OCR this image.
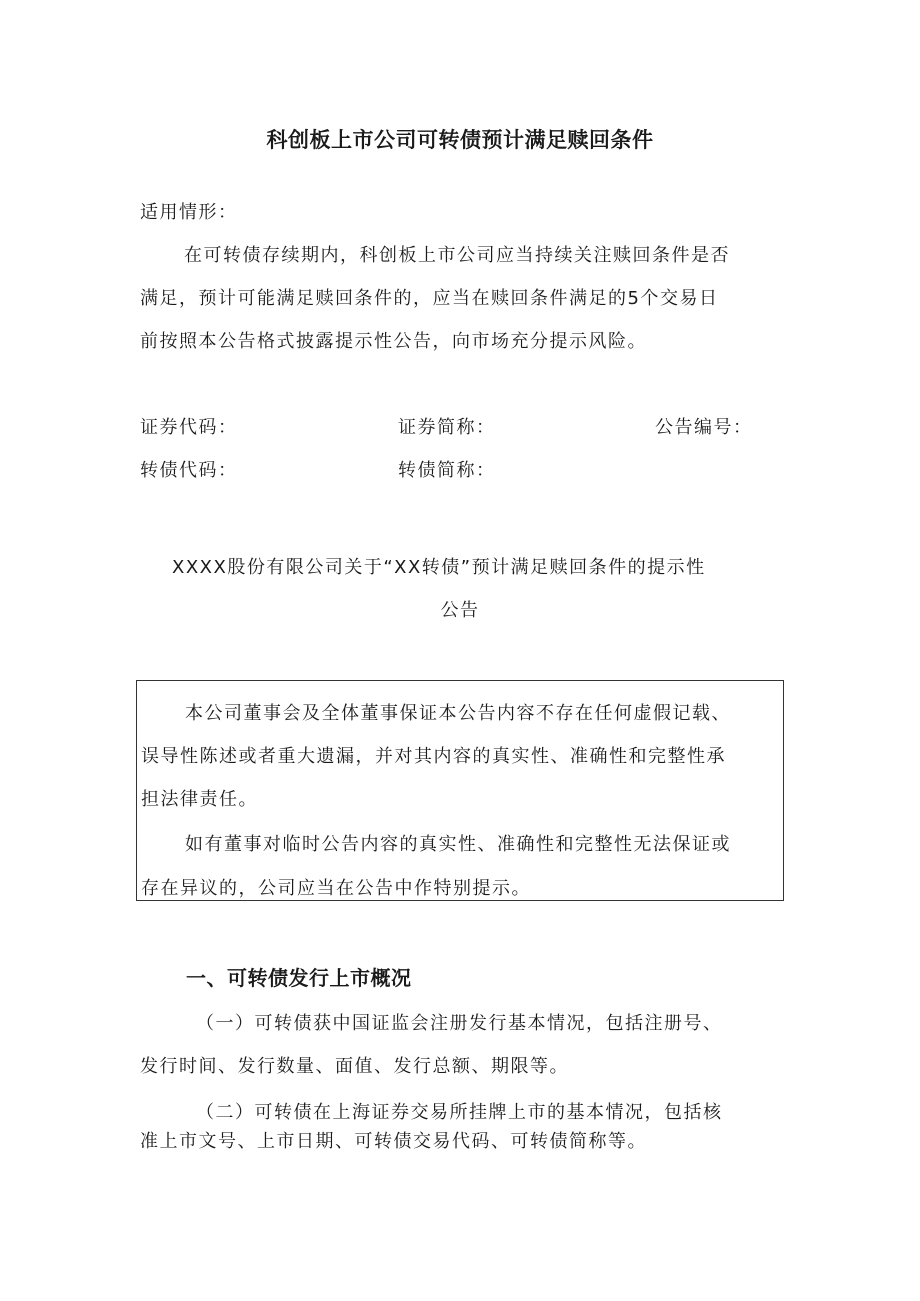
科创板上市公司可转债预计满足赎回条件
适用情形：
在可转债存续期内，科创板上市公司应当持续关注赎回条件是否
满足，预计可能满足赎回条件的，应当在赎回条件满足的5个交易日
前按照本公告格式披露提示性公告，向市场充分提示风险。
证券代码：	证券简称：	公告编号：
转债代码：	转债简称：
XXXX股份有限公司关于“XX转债”预计满足赎回条件的提示性
公告
本公司董事会及全体董事保证本公告内容不存在任何虚假记载、
误导性陈述或者重大遗漏，并对其内容的真实性、准确性和完整性承
担法律责任。
如有董事对临时公告内容的真实性、准确性和完整性无法保证或
存在异议的，公司应当在公告中作特别提示。
一、可转债发行上市概况
（一）可转债获中国证监会注册发行基本情况，包括注册号、
发行时间、发行数量、面值、发行总额、期限等。
（二）可转债在上海证券交易所挂牌上市的基本情况，包括核
准上市文号、上市日期、可转债交易代码、可转债简称等。
